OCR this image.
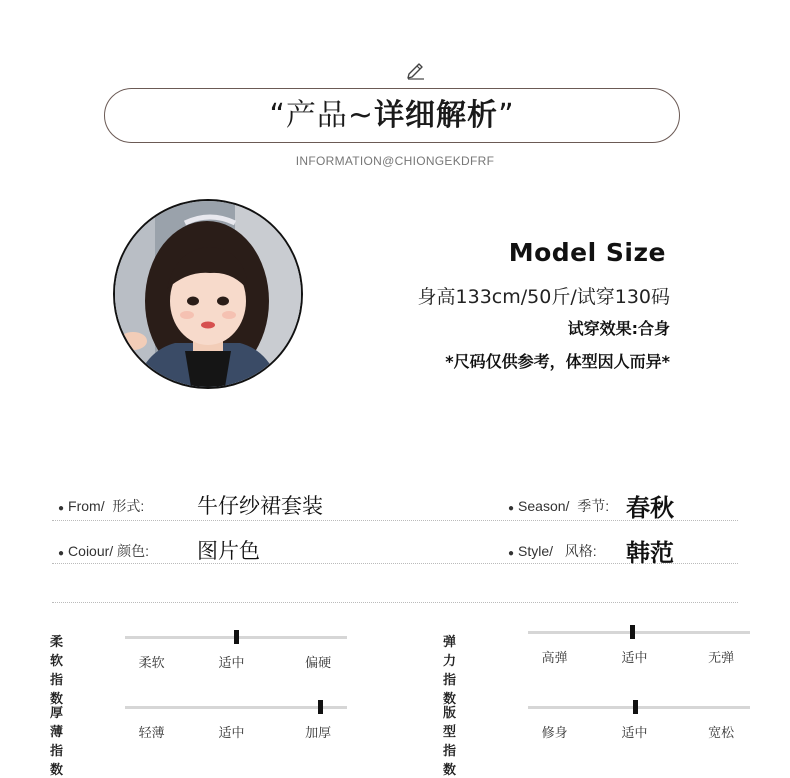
“产品~详细解析”
INFORMATION@CHIONGEKDFRF
Model Size
身高133cm/50斤/试穿130码
试穿效果:合身
*尺码仅供参考，体型因人而异*
● From/ 形式:	牛仔纱裙套装	● Season/ 季节: 春秋
● Coiour/ 颜色: 图片色	● Style/ 风格: 韩范
柔软指数
柔软	适中	偏硬
弹力指数
高弹	适中	无弹
厚薄指数
轻薄	适中	加厚
版型指数
修身	适中	宽松
